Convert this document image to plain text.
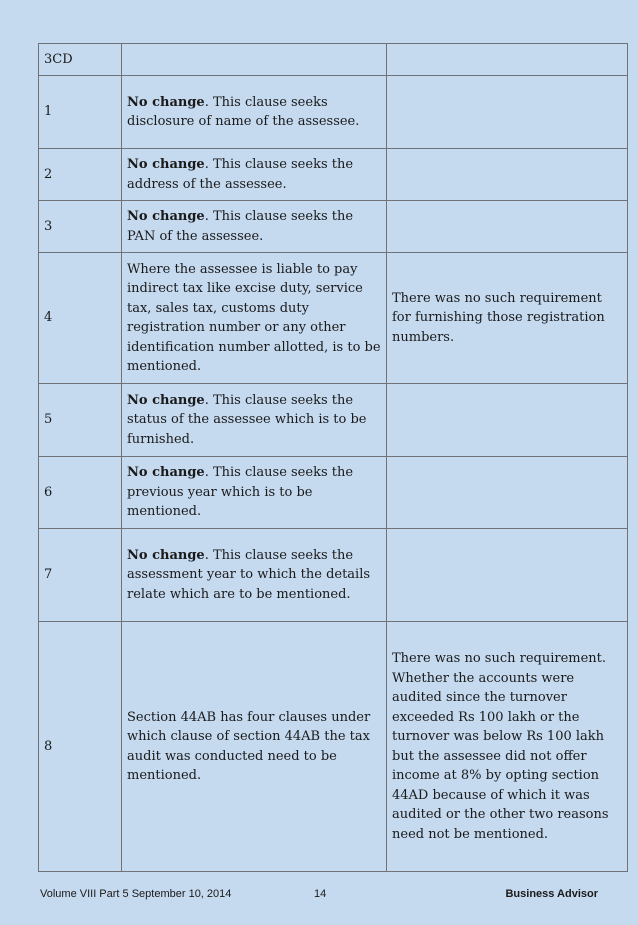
3CD		
1	No change. This clause seeks disclosure of name of the assessee.	
2	No change. This clause seeks the address of the assessee.	
3	No change. This clause seeks the PAN of the assessee.	
4	Where the assessee is liable to pay indirect tax like excise duty, service tax, sales tax, customs duty registration number or any other identification number allotted, is to be mentioned.	There was no such requirement for furnishing those registration numbers.
5	No change. This clause seeks the status of the assessee which is to be furnished.	
6	No change. This clause seeks the previous year which is to be mentioned.	
7	No change. This clause seeks the assessment year to which the details relate which are to be mentioned.	
8	Section 44AB has four clauses under which clause of section 44AB the tax audit was conducted need to be mentioned.	There was no such requirement. Whether the accounts were audited since the turnover exceeded Rs 100 lakh or the turnover was below Rs 100 lakh but the assessee did not offer income at 8% by opting section 44AD because of which it was audited or the other two reasons need not be mentioned.
Volume VIII Part 5 September 10, 2014	14	Business Advisor
